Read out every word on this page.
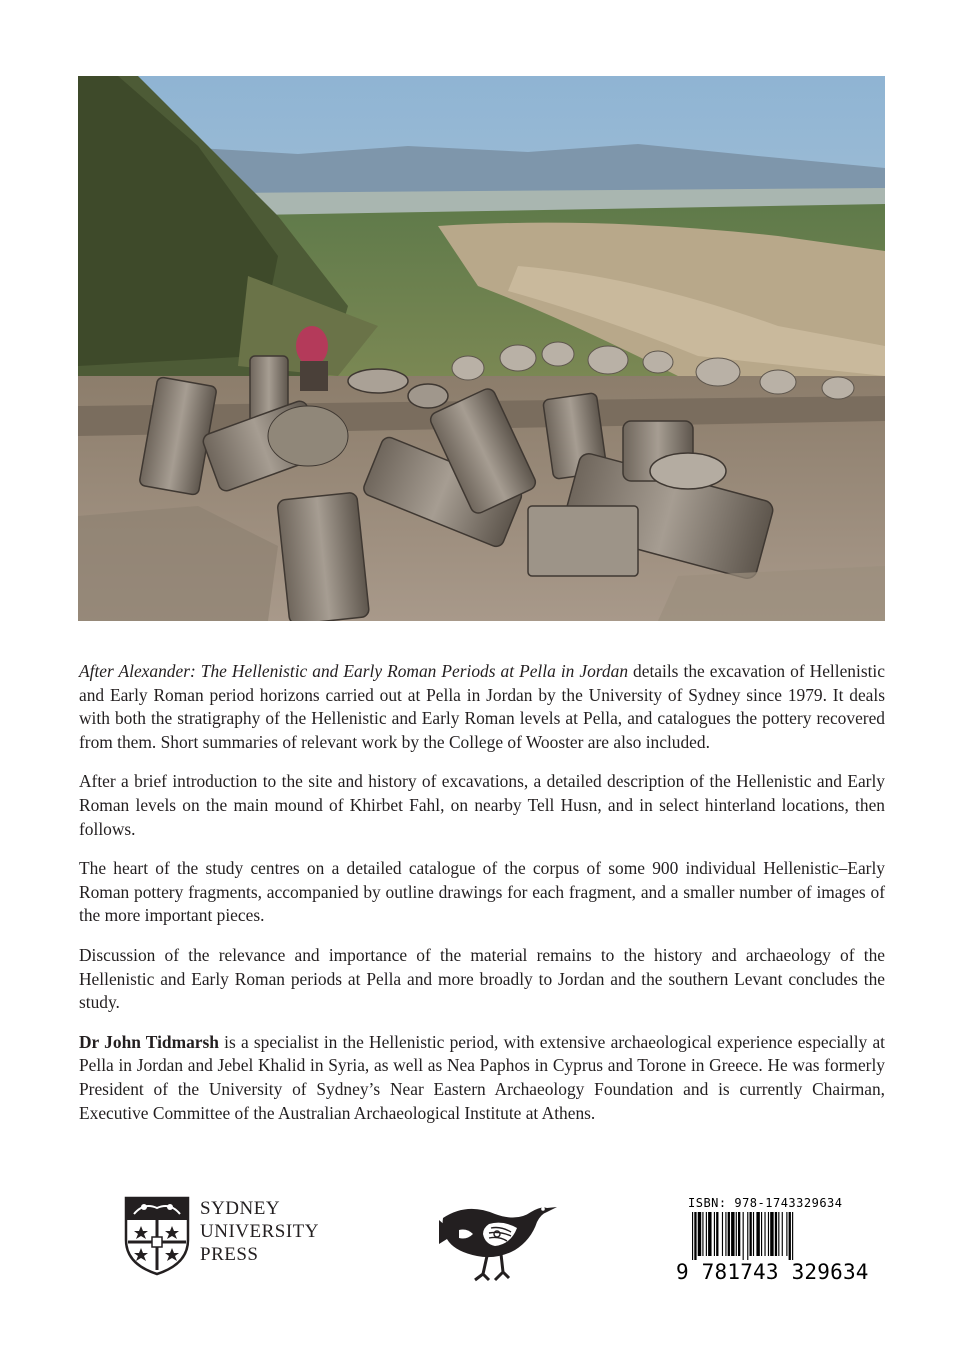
After Alexander: The Hellenistic and Early Roman Periods at Pella in Jordan details the excavation of Hellenistic and Early Roman period horizons carried out at Pella in Jordan by the University of Sydney since 1979. It deals with both the stratigraphy of the Hellenistic and Early Roman levels at Pella, and catalogues the pottery recovered from them. Short summaries of relevant work by the College of Wooster are also included.

After a brief introduction to the site and history of excavations, a detailed description of the Hellenistic and Early Roman levels on the main mound of Khirbet Fahl, on nearby Tell Husn, and in select hinterland locations, then follows.

The heart of the study centres on a detailed catalogue of the corpus of some 900 individual Hellenistic–Early Roman pottery fragments, accompanied by outline drawings for each fragment, and a smaller number of images of the more important pieces.

Discussion of the relevance and importance of the material remains to the history and archaeology of the Hellenistic and Early Roman periods at Pella and more broadly to Jordan and the southern Levant concludes the study.

Dr John Tidmarsh is a specialist in the Hellenistic period, with extensive archaeological experience especially at Pella in Jordan and Jebel Khalid in Syria, as well as Nea Paphos in Cyprus and Torone in Greece. He was formerly President of the University of Sydney’s Near Eastern Archaeology Foundation and is currently Chairman, Executive Committee of the Australian Archaeological Institute at Athens.

SYDNEY
UNIVERSITY
PRESS
ISBN: 978-1743329634
9 781743 329634
